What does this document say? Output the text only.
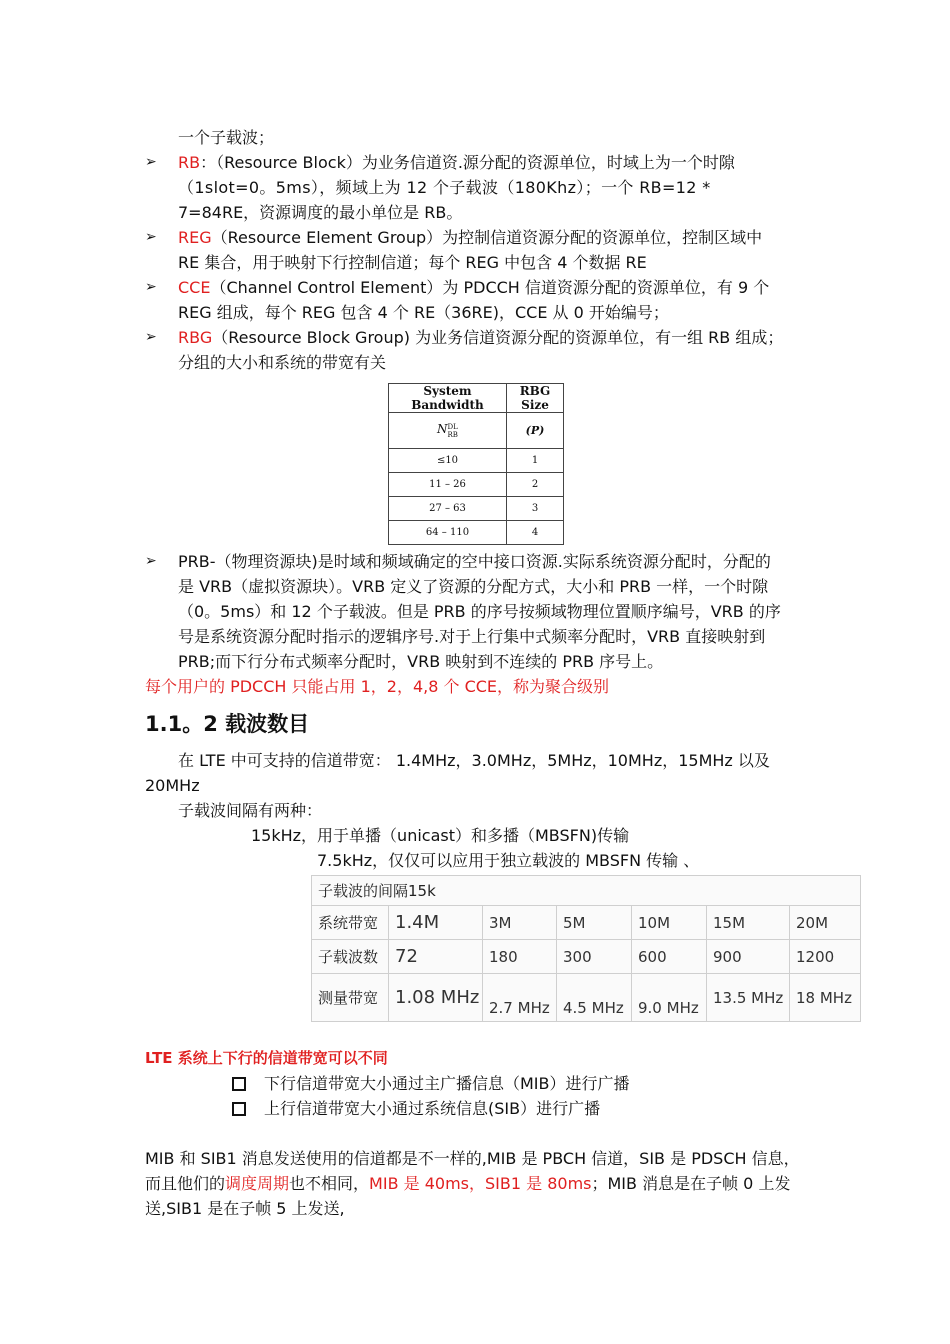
一个子载波；
➢ RB：（Resource Block）为业务信道资.源分配的资源单位，时域上为一个时隙
（1slot=0。5ms），频域上为 12 个子载波（180Khz）；一个 RB=12 *
7=84RE，资源调度的最小单位是 RB。
➢ REG（Resource Element Group）为控制信道资源分配的资源单位，控制区域中
RE 集合，用于映射下行控制信道；每个 REG 中包含 4 个数据 RE
➢ CCE（Channel Control Element）为 PDCCH 信道资源分配的资源单位，有 9 个
REG 组成，每个 REG 包含 4 个 RE（36RE)，CCE 从 0 开始编号；
➢ RBG（Resource Block Group) 为业务信道资源分配的资源单位，有一组 RB 组成；
分组的大小和系统的带宽有关
System Bandwidth	RBG Size
NDL
RB	(P)
≤10	1
11 – 26	2
27 – 63	3
64 – 110	4
➢ PRB-（物理资源块)是时域和频域确定的空中接口资源.实际系统资源分配时，分配的
是 VRB（虚拟资源块）。VRB 定义了资源的分配方式，大小和 PRB 一样，一个时隙
（0。5ms）和 12 个子载波。但是 PRB 的序号按频域物理位置顺序编号，VRB 的序
号是系统资源分配时指示的逻辑序号.对于上行集中式频率分配时，VRB 直接映射到
PRB;而下行分布式频率分配时，VRB 映射到不连续的 PRB 序号上。
每个用户的 PDCCH 只能占用 1，2，4,8 个 CCE，称为聚合级别
1.1。2 载波数目
在 LTE 中可支持的信道带宽： 1.4MHz，3.0MHz，5MHz，10MHz，15MHz 以及
20MHz
子载波间隔有两种：
15kHz，用于单播（unicast）和多播（MBSFN)传输
7.5kHz，仅仅可以应用于独立载波的 MBSFN 传输 、
子载波的间隔15k						
系统带宽	1.4M	3M	5M	10M	15M	20M
子载波数	72	180	300	600	900	1200
测量带宽	1.08 MHz	2.7 MHz	4.5 MHz	9.0 MHz	13.5 MHz	18 MHz
LTE 系统上下行的信道带宽可以不同
下行信道带宽大小通过主广播信息（MIB）进行广播
上行信道带宽大小通过系统信息(SIB）进行广播
MIB 和 SIB1 消息发送使用的信道都是不一样的,MIB 是 PBCH 信道，SIB 是 PDSCH 信息，
而且他们的调度周期也不相同，MIB 是 40ms，SIB1 是 80ms；MIB 消息是在子帧 0 上发
送,SIB1 是在子帧 5 上发送,
